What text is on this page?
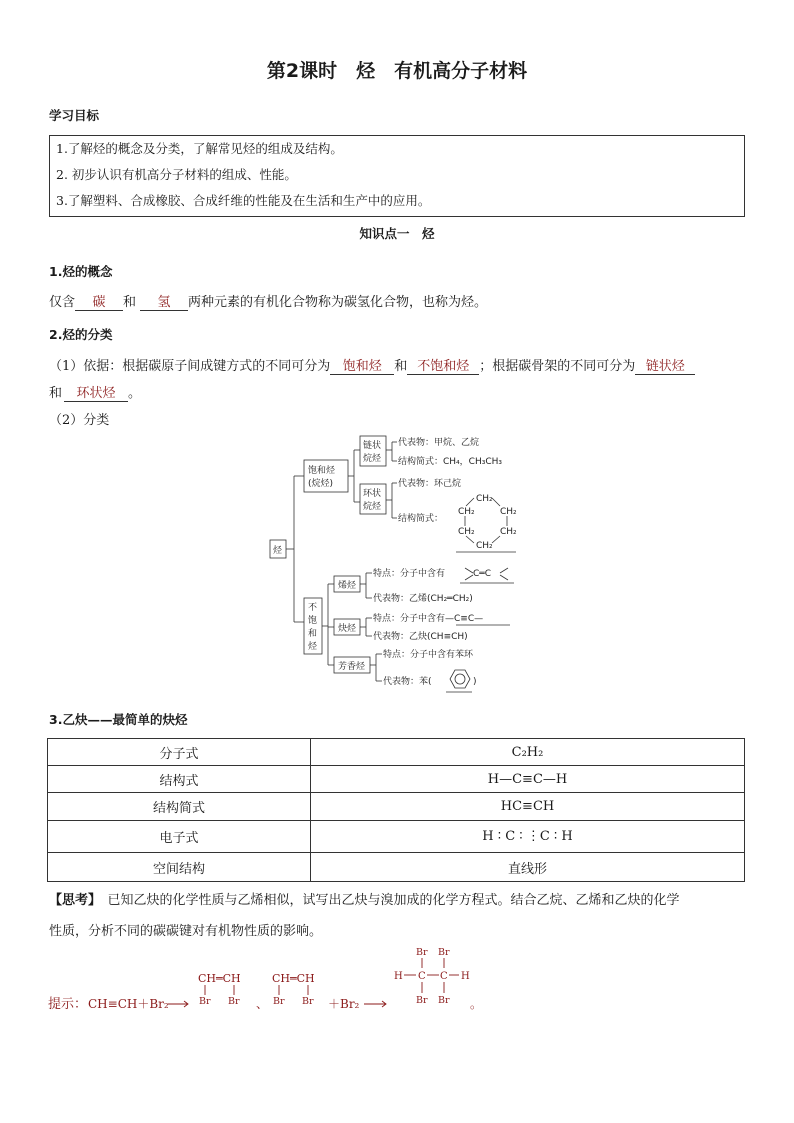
第2课时　烃　有机高分子材料
学习目标
1.了解烃的概念及分类，了解常见烃的组成及结构。
2. 初步认识有机高分子材料的组成、性能。
3.了解塑料、合成橡胶、合成纤维的性能及在生活和生产中的应用。
知识点一　烃
1.烃的概念
仅含 碳 和 氢 两种元素的有机化合物称为碳氢化合物，也称为烃。
2.烃的分类
（1）依据：根据碳原子间成键方式的不同可分为 饱和烃 和 不饱和烃 ；根据碳骨架的不同可分为 链状烃
和 环状烃 。
（2）分类
烃
饱和烃
(烷烃)
链状
烷烃
代表物：甲烷、乙烷
结构简式：CH₄，CH₃CH₃
环状
烷烃
代表物：环己烷
结构简式：
CH₂
CH₂	CH₂
CH₂	CH₂
CH₂
不
饱
和
烃
烯烃
特点：分子中含有	C═C
代表物：乙烯(CH₂═CH₂)
炔烃
特点：分子中含有—C≡C—
代表物：乙炔(CH≡CH)
芳香烃
特点：分子中含有苯环
代表物：苯(	)
3.乙炔——最简单的炔烃
分子式	C₂H₂
结构式	H—C≡C—H
结构简式	HC≡CH
电子式	H ∶ C ∶ ⋮C ∶ H
空间结构	直线形
【思考】　已知乙炔的化学性质与乙烯相似，试写出乙炔与溴加成的化学方程式。结合乙烷、乙烯和乙炔的化学
性质，分析不同的碳碳键对有机物性质的影响。
提示： CH≡CH＋Br₂
CH═CH
Br Br 、
CH═CH
Br Br ＋Br₂
Br Br
H C C H
Br Br 。
